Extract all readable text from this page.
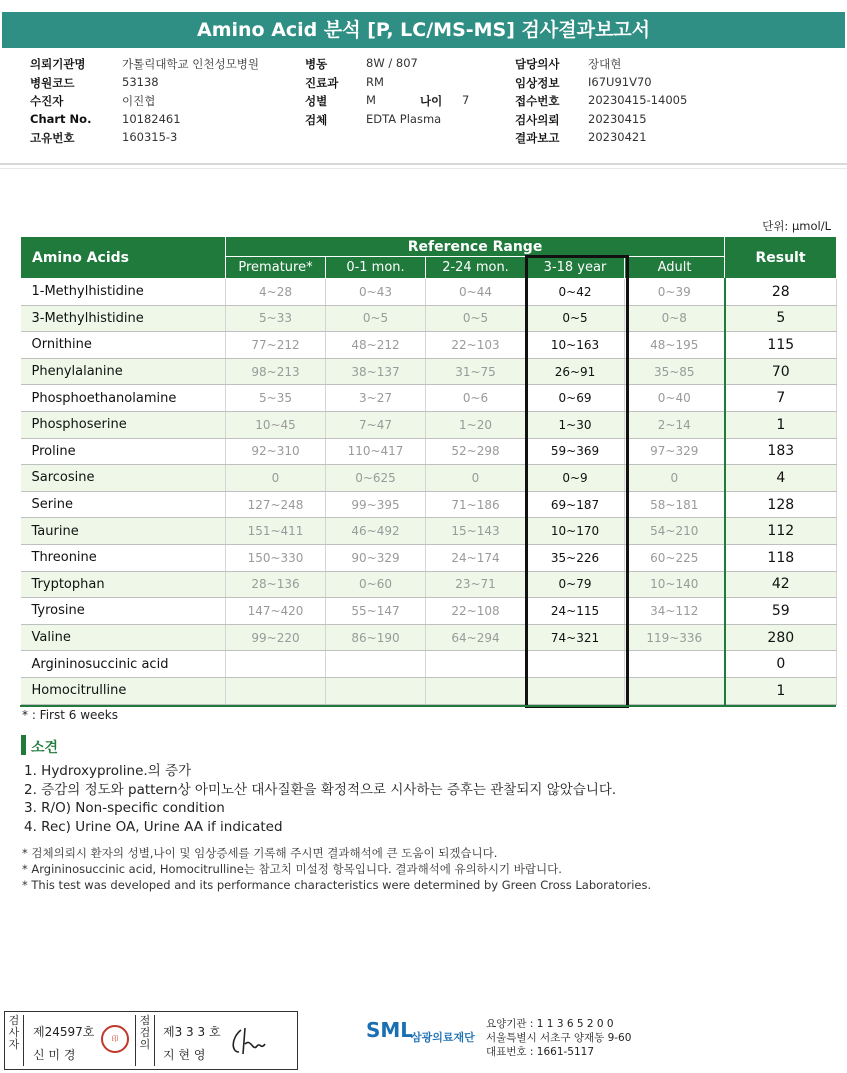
Amino Acid 분석 [P, LC/MS-MS] 검사결과보고서
의뢰기관명	가톨릭대학교 인천성모병원
병원코드	53138
수진자	이진협
Chart No.	10182461
고유번호	160315-3
병동	8W / 807
진료과 RM
성별	M
검체	EDTA Plasma
나이 7
담당의사 장대현
임상정보 I67U91V70
접수번호 20230415-14005
검사의뢰 20230415
결과보고 20230421
단위: μmol/L
Amino Acids	Reference Range					Result
	Premature*	0-1 mon.	2-24 mon.	3-18 year	Adult	
1-Methylhistidine	4~28	0~43	0~44	0~42	0~39	28
3-Methylhistidine	5~33	0~5	0~5	0~5	0~8	5
Ornithine	77~212	48~212	22~103	10~163	48~195	115
Phenylalanine	98~213	38~137	31~75	26~91	35~85	70
Phosphoethanolamine	5~35	3~27	0~6	0~69	0~40	7
Phosphoserine	10~45	7~47	1~20	1~30	2~14	1
Proline	92~310	110~417	52~298	59~369	97~329	183
Sarcosine	0	0~625	0	0~9	0	4
Serine	127~248	99~395	71~186	69~187	58~181	128
Taurine	151~411	46~492	15~143	10~170	54~210	112
Threonine	150~330	90~329	24~174	35~226	60~225	118
Tryptophan	28~136	0~60	23~71	0~79	10~140	42
Tyrosine	147~420	55~147	22~108	24~115	34~112	59
Valine	99~220	86~190	64~294	74~321	119~336	280
Argininosuccinic acid						0
Homocitrulline						1
* : First 6 weeks
소견
1. Hydroxyproline.의 증가
2. 증감의 정도와 pattern상 아미노산 대사질환을 확정적으로 시사하는 증후는 관찰되지 않았습니다.
3. R/O) Non-specific condition
4. Rec) Urine OA, Urine AA if indicated
* 검체의뢰시 환자의 성별,나이 및 임상증세를 기록해 주시면 결과해석에 큰 도움이 되겠습니다.
* Argininosuccinic acid, Homocitrulline는 참고치 미설정 항목입니다. 결과해석에 유의하시기 바랍니다.
* This test was developed and its performance characteristics were determined by Green Cross Laboratories.
검사자
제24597호
신 미 경
印
점검의
제3 3 3 호
지 현 영
SML
삼광의료재단
요양기관 : 1 1 3 6 5 2 0 0
서울특별시 서초구 양재동 9-60
대표번호 : 1661-5117
